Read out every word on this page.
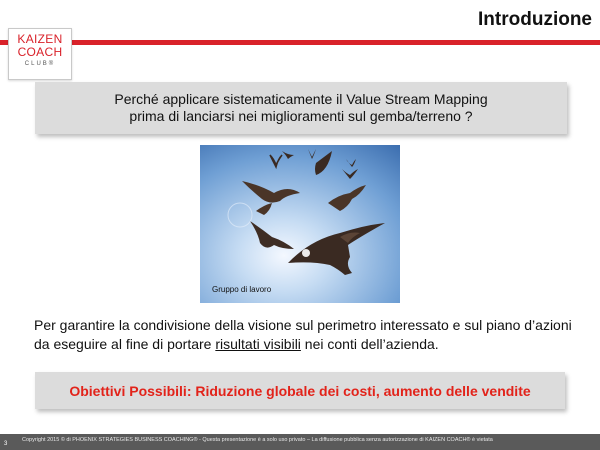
Introduzione
KAIZEN
COACH
CLUB®
Perché applicare sistematicamente il Value Stream Mapping
prima di lanciarsi nei miglioramenti sul gemba/terreno ?
Gruppo di lavoro
Per garantire la condivisione della visione sul perimetro interessato e sul piano d’azioni da eseguire al fine di portare risultati visibili nei conti dell’azienda.
Obiettivi Possibili: Riduzione globale dei costi, aumento delle vendite
Copyright 2015 © di PHOENIX STRATEGIES BUSINESS COACHING® - Questa presentazione è a solo uso privato – La diffusione pubblica senza autorizzazione di KAIZEN COACH® è vietata
3
